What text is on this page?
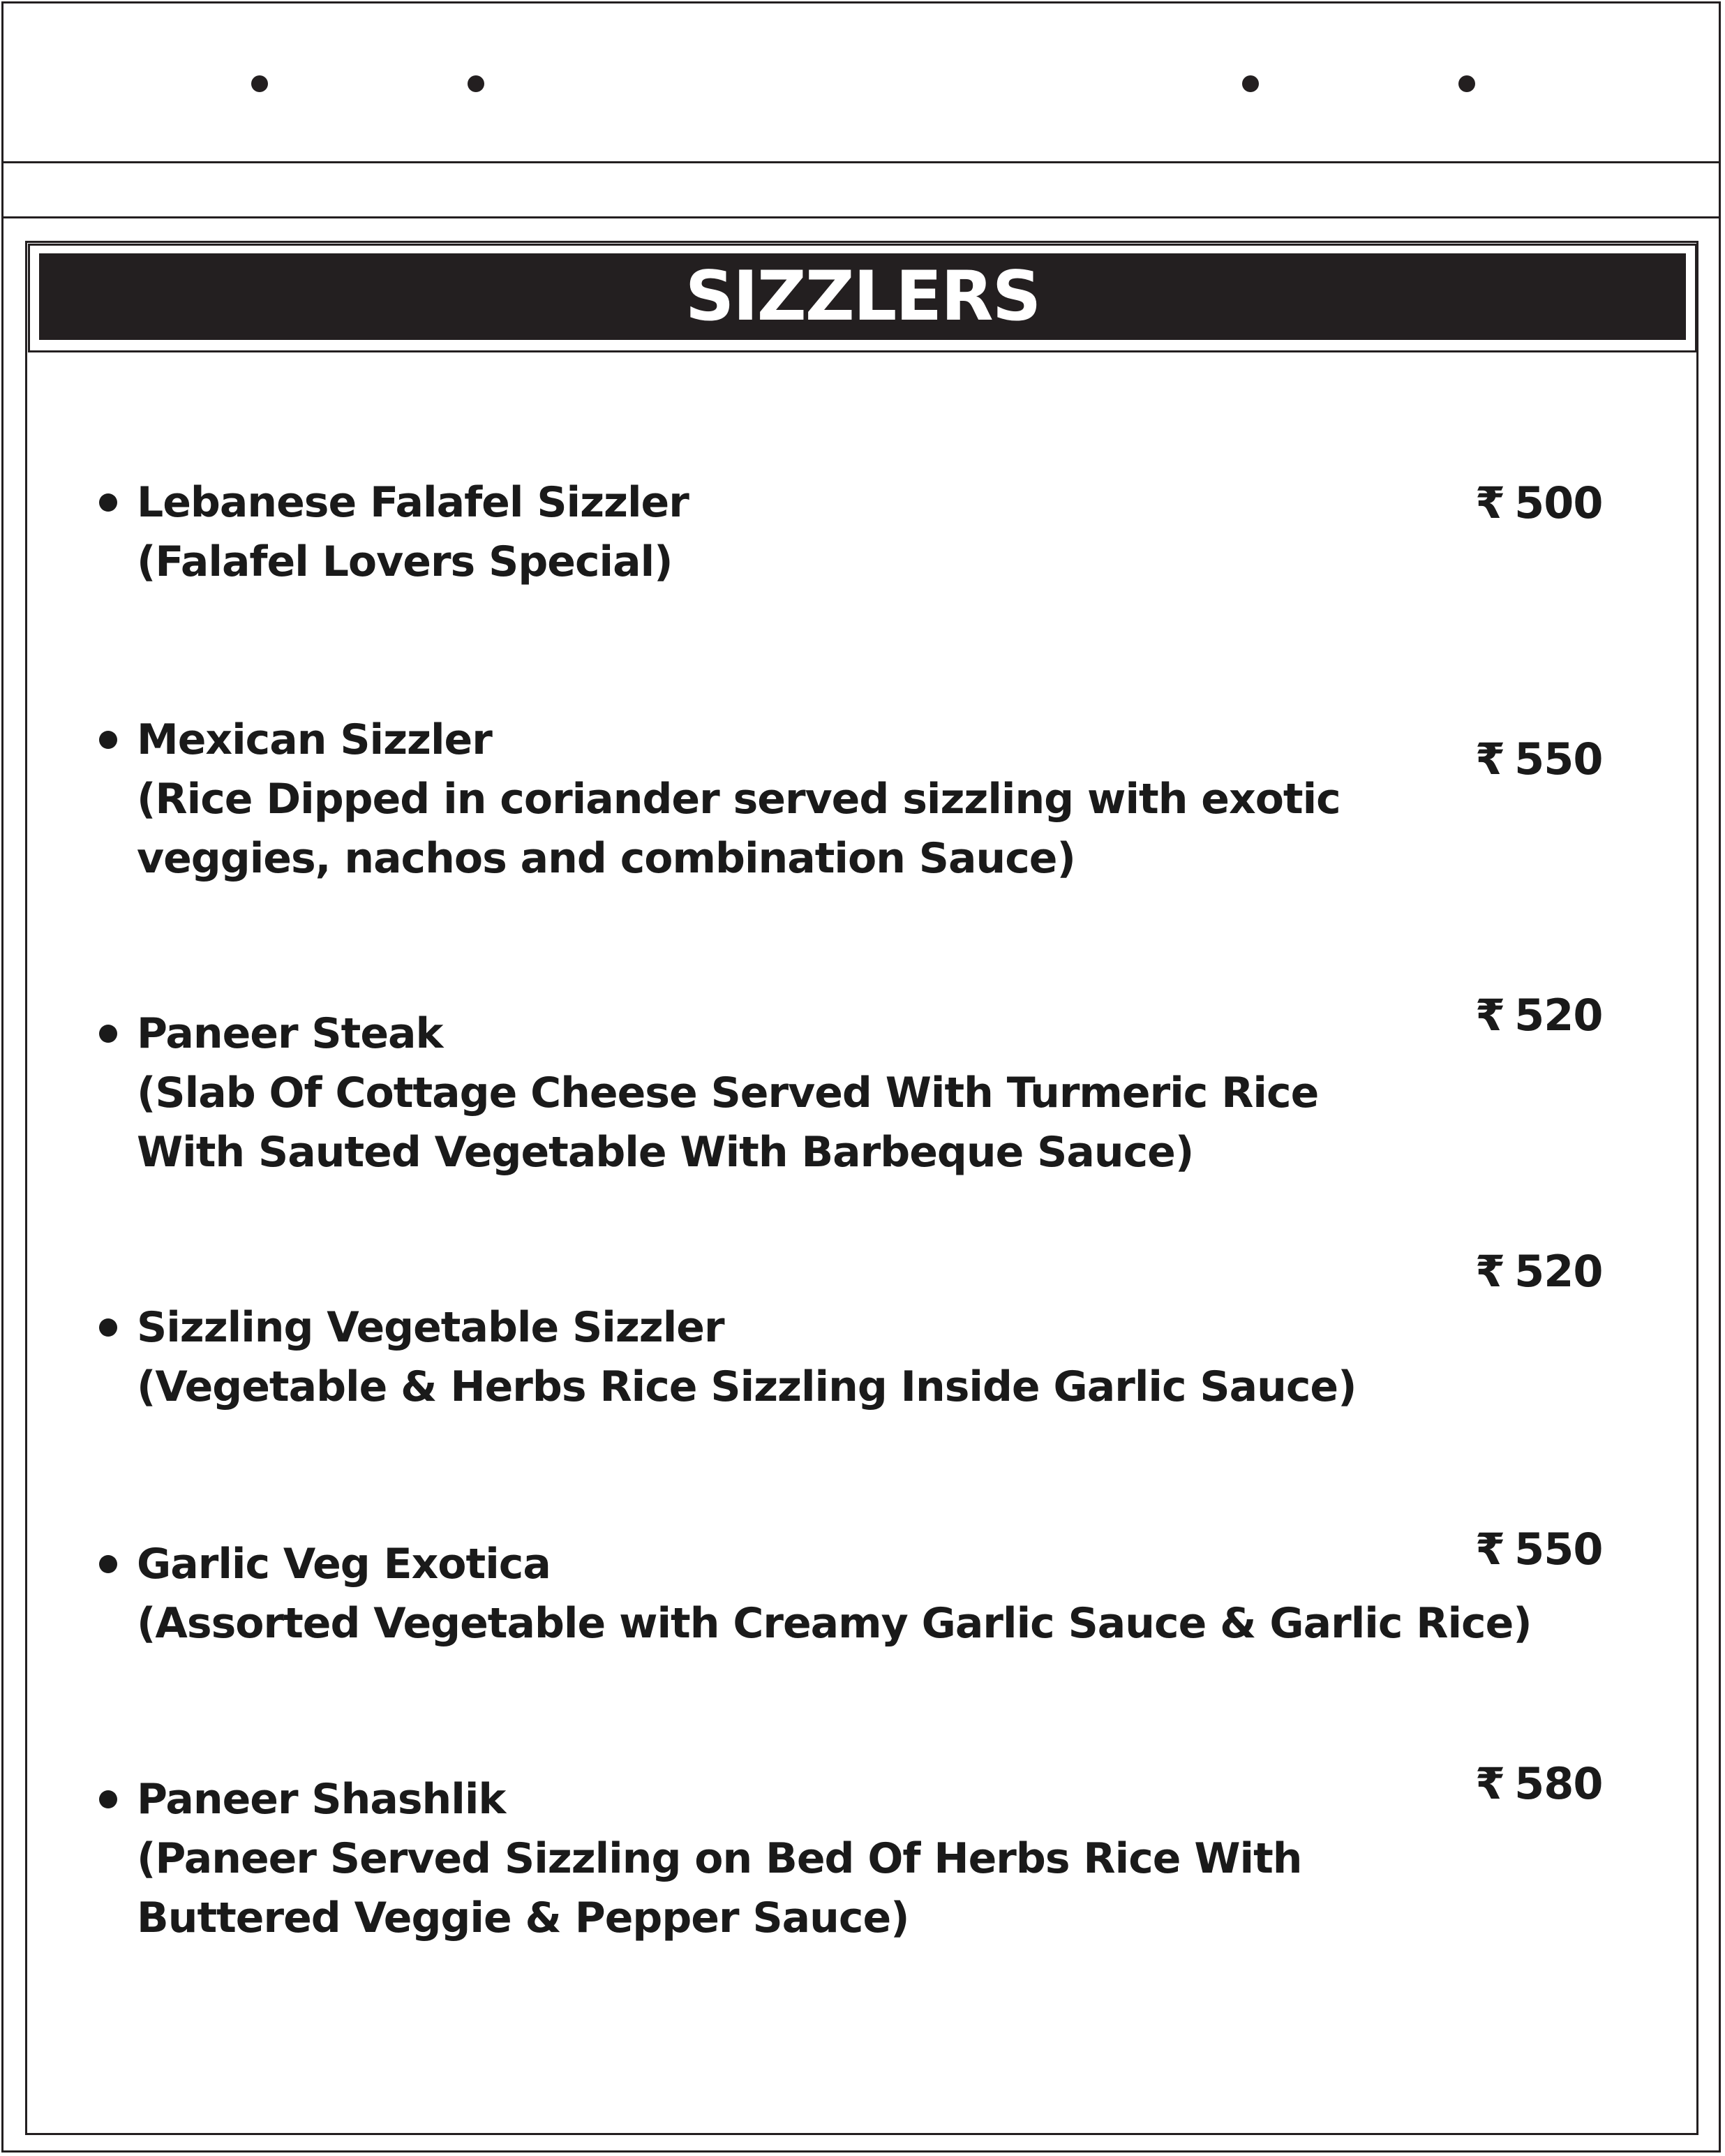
SIZZLERS
Lebanese Falafel Sizzler
(Falafel Lovers Special)
₹ 500
Mexican Sizzler
(Rice Dipped in coriander served sizzling with exotic
veggies, nachos and combination Sauce)
₹ 550
Paneer Steak
(Slab Of Cottage Cheese Served With Turmeric Rice
With Sauted Vegetable With Barbeque Sauce)
₹ 520
Sizzling Vegetable Sizzler
(Vegetable & Herbs Rice Sizzling Inside Garlic Sauce)
₹ 520
Garlic Veg Exotica
(Assorted Vegetable with Creamy Garlic Sauce & Garlic Rice)
₹ 550
Paneer Shashlik
(Paneer Served Sizzling on Bed Of Herbs Rice With
Buttered Veggie & Pepper Sauce)
₹ 580
